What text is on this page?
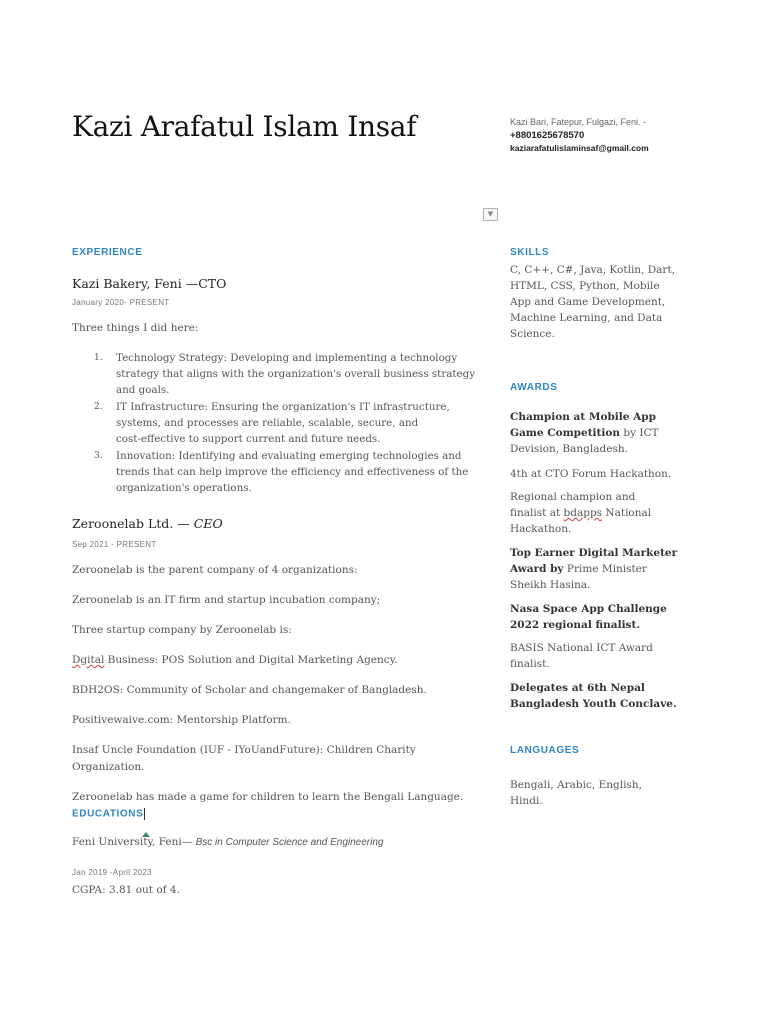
Kazi Arafatul Islam Insaf	Kazi Bari, Fatepur, Fulgazi, Feni. -
+8801625678570
kaziarafatulislaminsaf@gmail.com
▼
EXPERIENCE
Kazi Bakery, Feni —CTO
January 2020- PRESENT
Three things I did here:
1. Technology Strategy: Developing and implementing a technology
strategy that aligns with the organization's overall business strategy
and goals.
2. IT Infrastructure: Ensuring the organization's IT infrastructure,
systems, and processes are reliable, scalable, secure, and
cost-effective to support current and future needs.
3. Innovation: Identifying and evaluating emerging technologies and
trends that can help improve the efficiency and effectiveness of the
organization's operations.
Zeroonelab Ltd. — CEO
Sep 2021 - PRESENT
Zeroonelab is the parent company of 4 organizations:
Zeroonelab is an IT firm and startup incubation company;
Three startup company by Zeroonelab is:
Dgital Business: POS Solution and Digital Marketing Agency.
BDH2OS: Community of Scholar and changemaker of Bangladesh.
Positivewaive.com: Mentorship Platform.
Insaf Uncle Foundation (IUF - IYoUandFuture): Children Charity
Organization.
Zeroonelab has made a game for children to learn the Bengali Language.
EDUCATIONS
Feni University, Feni— Bsc in Computer Science and Engineering
Jan 2019 -April 2023
CGPA: 3.81 out of 4.
SKILLS
C, C++, C#, Java, Kotlin, Dart,
HTML, CSS, Python, Mobile
App and Game Development,
Machine Learning, and Data
Science.
AWARDS
Champion at Mobile App
Game Competition by ICT
Devision, Bangladesh.
4th at CTO Forum Hackathon.
Regional champion and
finalist at bdapps National
Hackathon.
Top Earner Digital Marketer
Award by Prime Minister
Sheikh Hasina.
Nasa Space App Challenge
2022 regional finalist.
BASIS National ICT Award
finalist.
Delegates at 6th Nepal
Bangladesh Youth Conclave.
LANGUAGES
Bengali, Arabic, English,
Hindi.
